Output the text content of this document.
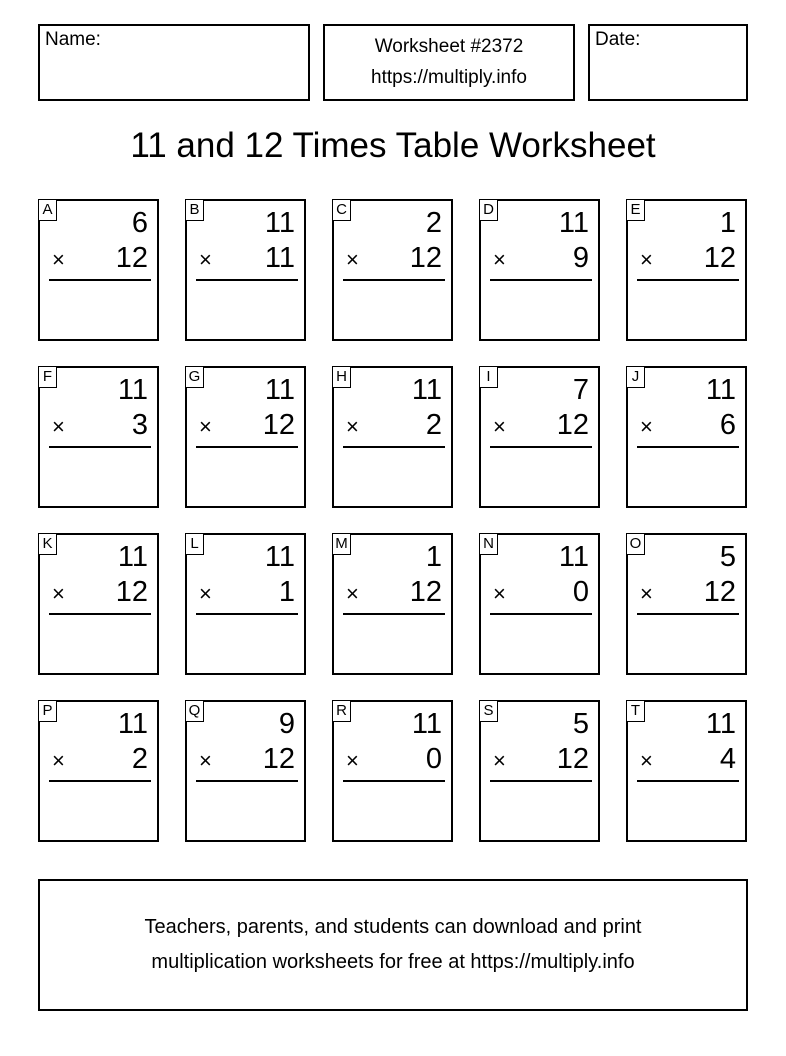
Name:	Worksheet #2372
https://multiply.info
Date:
11 and 12 Times Table Worksheet
A	6
× 12
B 11
× 11
C	2
× 12
D 11
× 9
E	1
× 12
F 11
× 3
G 11
× 12
H 11
× 2
I	7
× 12
J 11
× 6
K 11
× 12
L 11
× 1
M	1
× 12
N 11
× 0
O	5
× 12
P 11
× 2
Q	9
× 12
R 11
× 0
S	5
× 12
T 11
× 4
Teachers, parents, and students can download and print
multiplication worksheets for free at https://multiply.info
